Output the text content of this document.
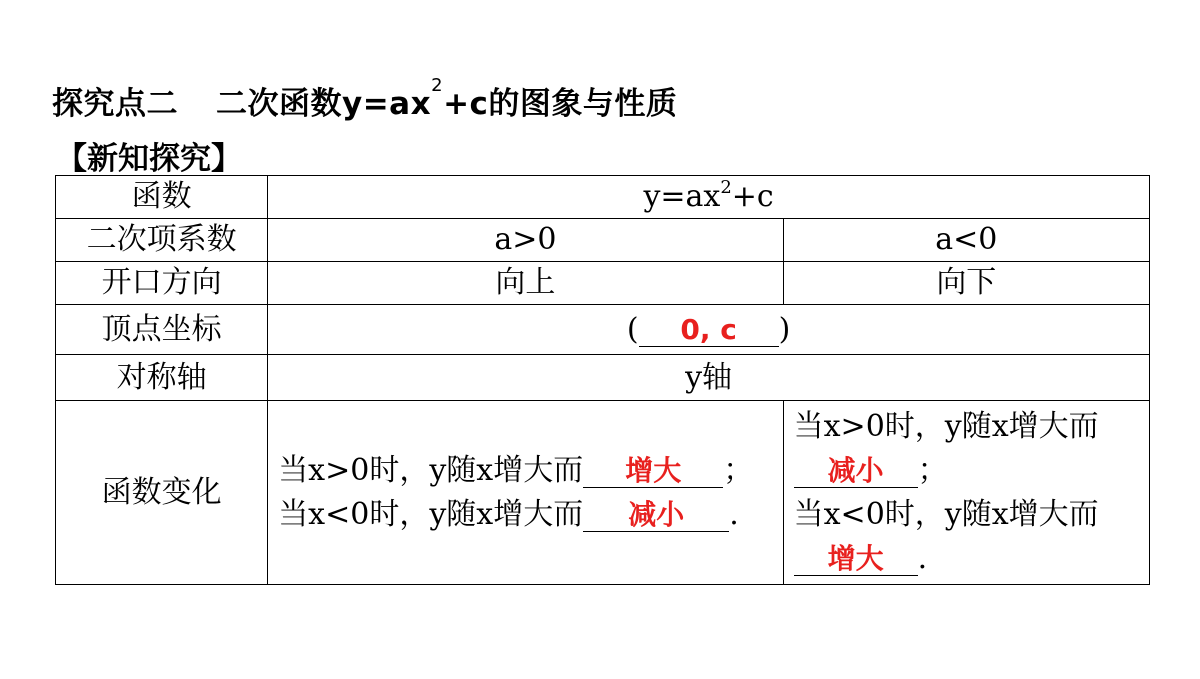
探究点二 二次函数$y=ax^2+c$的图象与性质
【新知探究】
函数	$y=ax^2+c$	
二次项系数	a>0	a<0
开口方向	向上	向下
顶点坐标	( 0, c )	
对称轴	y轴	
函数变化	当x>0时，y随x增大而 增大 ；
当x<0时，y随x增大而 减小 .	当x>0时，y随x增大而
减小 ；
当x<0时，y随x增大而
增大 .
